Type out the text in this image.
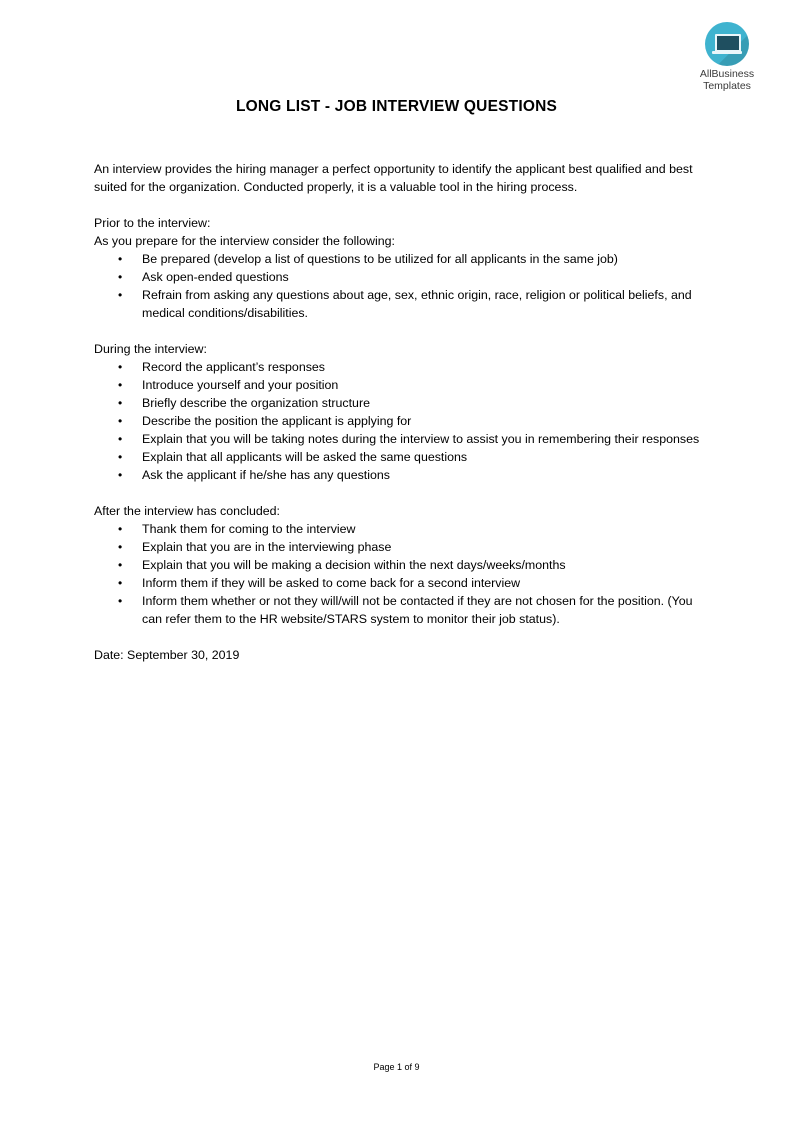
AllBusiness
Templates
LONG LIST - JOB INTERVIEW QUESTIONS

An interview provides the hiring manager a perfect opportunity to identify the applicant best qualified and best suited for the organization. Conducted properly, it is a valuable tool in the hiring process.

Prior to the interview:

As you prepare for the interview consider the following:

• Be prepared (develop a list of questions to be utilized for all applicants in the same job)
• Ask open-ended questions
• Refrain from asking any questions about age, sex, ethnic origin, race, religion or political beliefs, and medical conditions/disabilities.

During the interview:

• Record the applicant’s responses
• Introduce yourself and your position
• Briefly describe the organization structure
• Describe the position the applicant is applying for
• Explain that you will be taking notes during the interview to assist you in remembering their responses
• Explain that all applicants will be asked the same questions
• Ask the applicant if he/she has any questions

After the interview has concluded:

• Thank them for coming to the interview
• Explain that you are in the interviewing phase
• Explain that you will be making a decision within the next days/weeks/months
• Inform them if they will be asked to come back for a second interview
• Inform them whether or not they will/will not be contacted if they are not chosen for the position. (You can refer them to the HR website/STARS system to monitor their job status).

Date: September 30, 2019

Page 1 of 9
